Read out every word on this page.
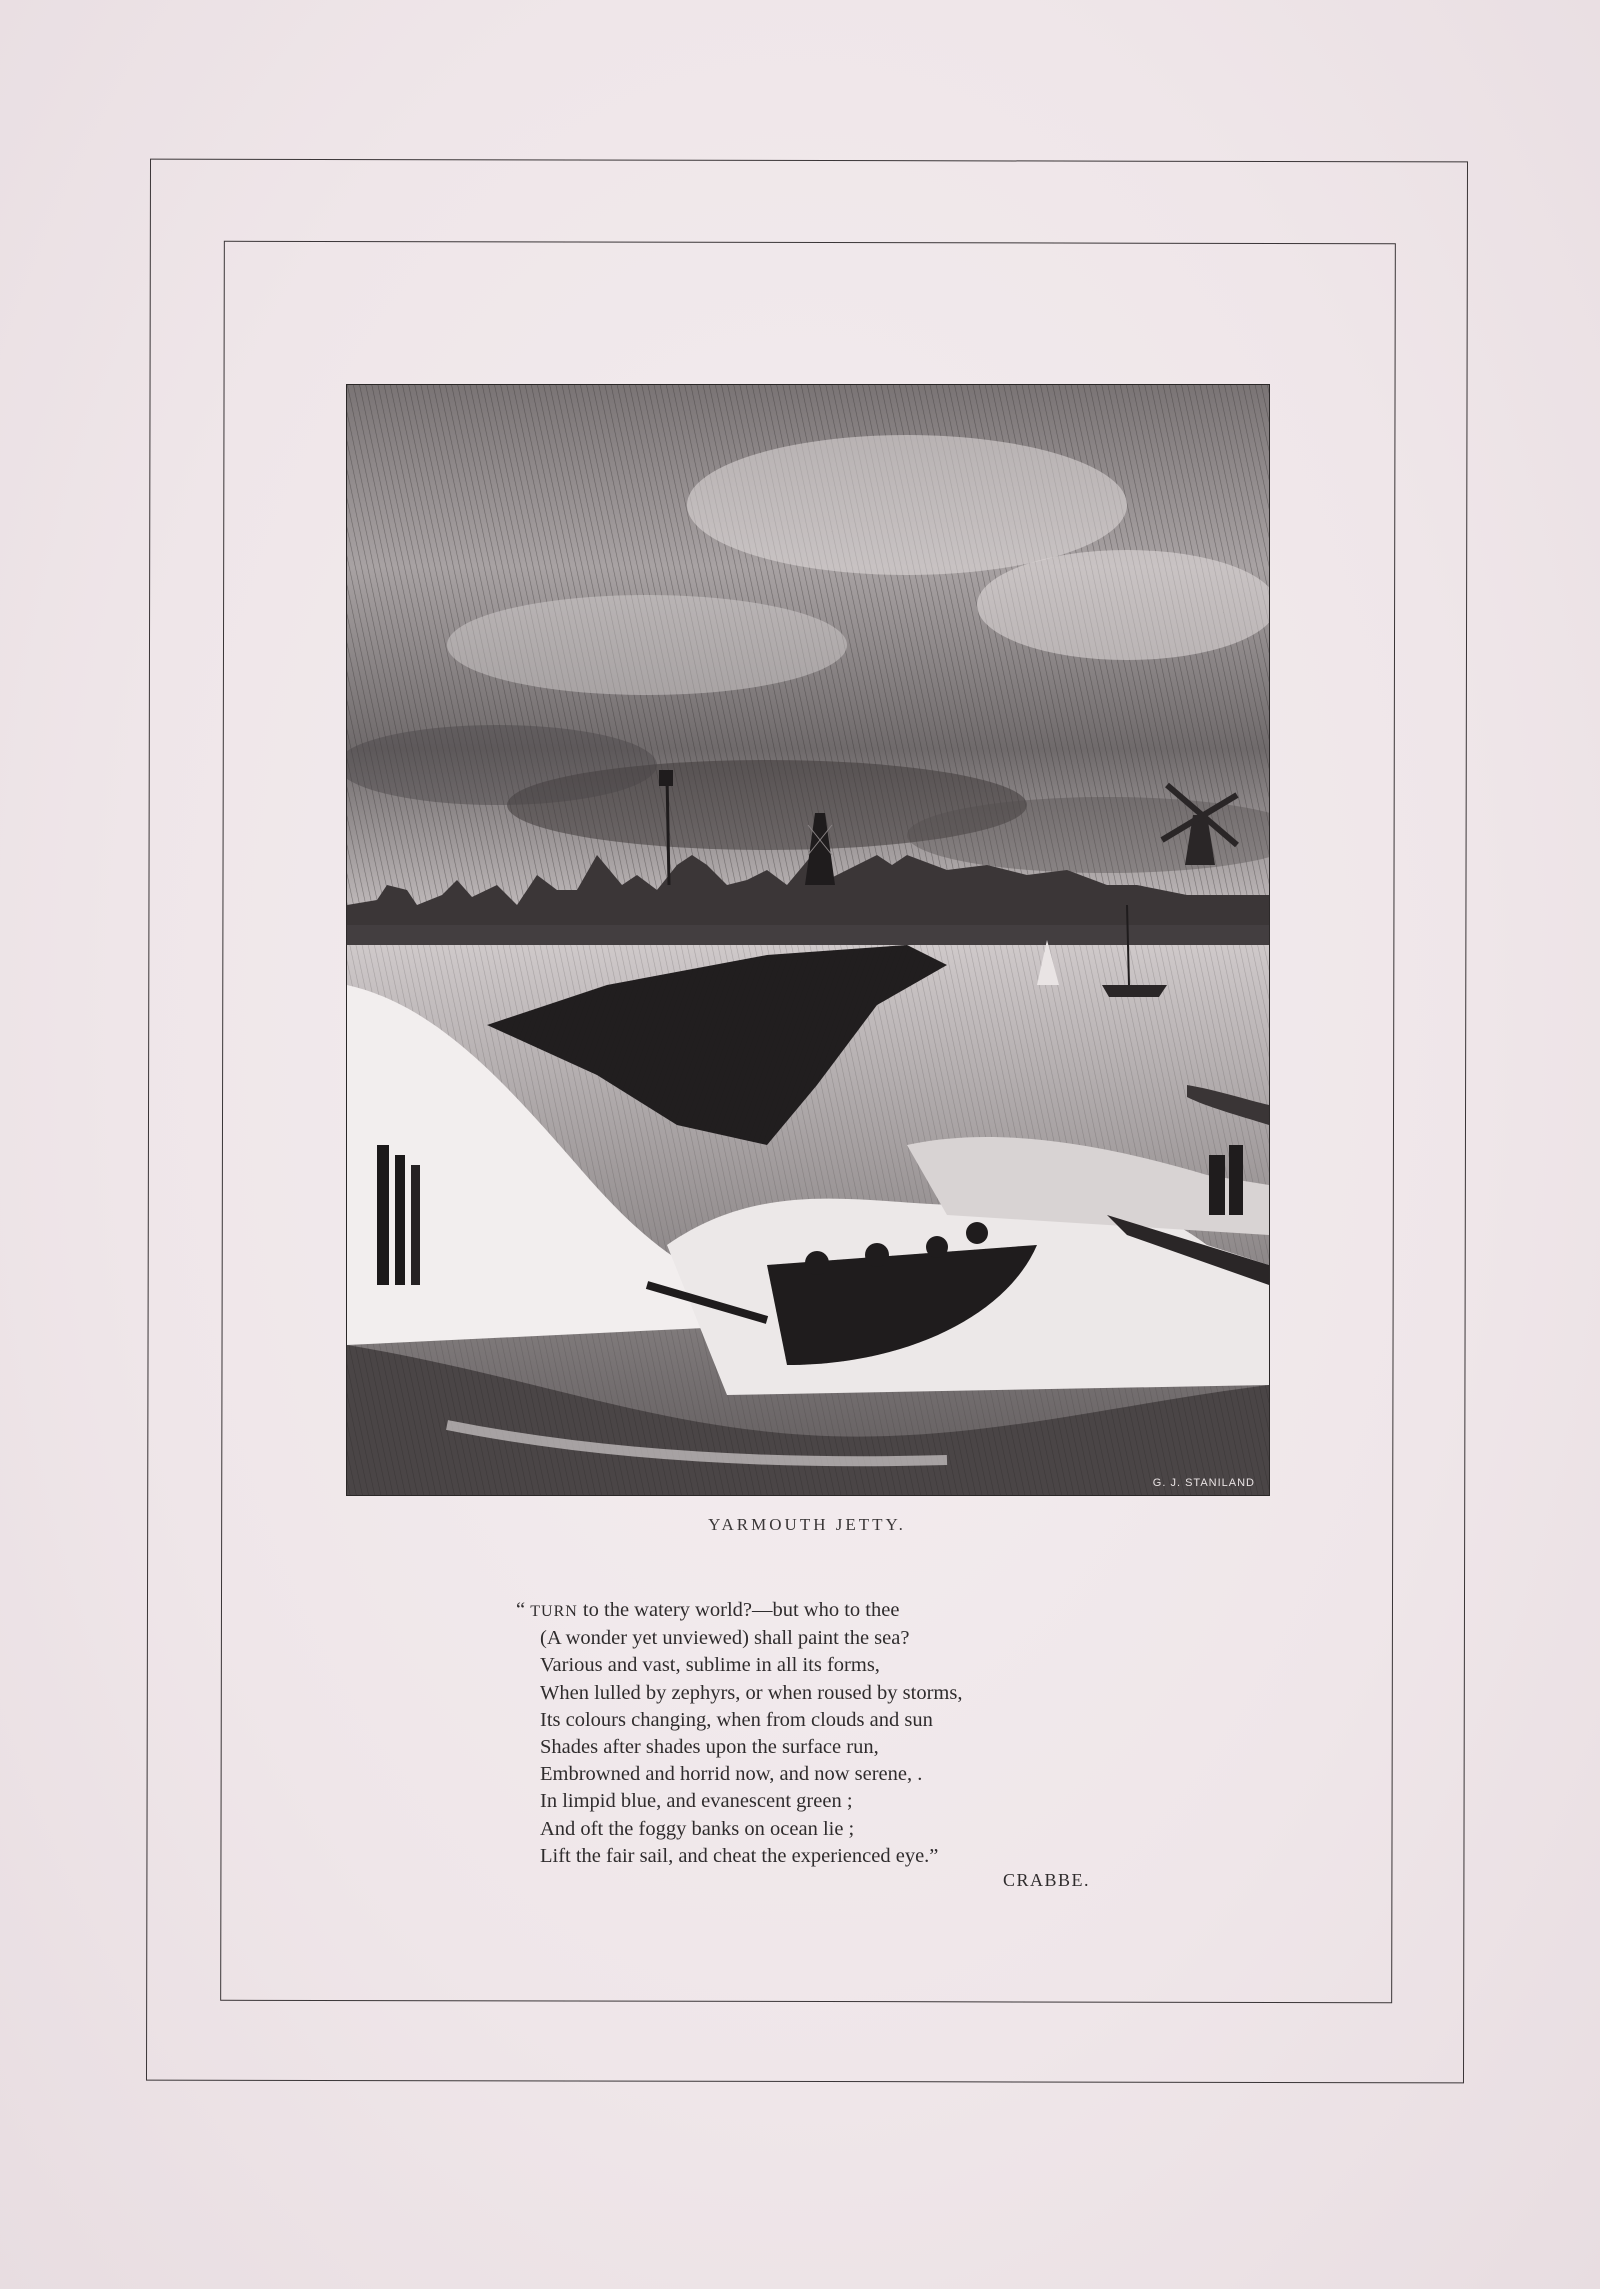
G. J. STANILAND
YARMOUTH JETTY.
“ TURN to the watery world?—but who to thee
(A wonder yet unviewed) shall paint the sea?
Various and vast, sublime in all its forms,
When lulled by zephyrs, or when roused by storms,
Its colours changing, when from clouds and sun
Shades after shades upon the surface run,
Embrowned and horrid now, and now serene, .
In limpid blue, and evanescent green ;
And oft the foggy banks on ocean lie ;
Lift the fair sail, and cheat the experienced eye.”
CRABBE.
